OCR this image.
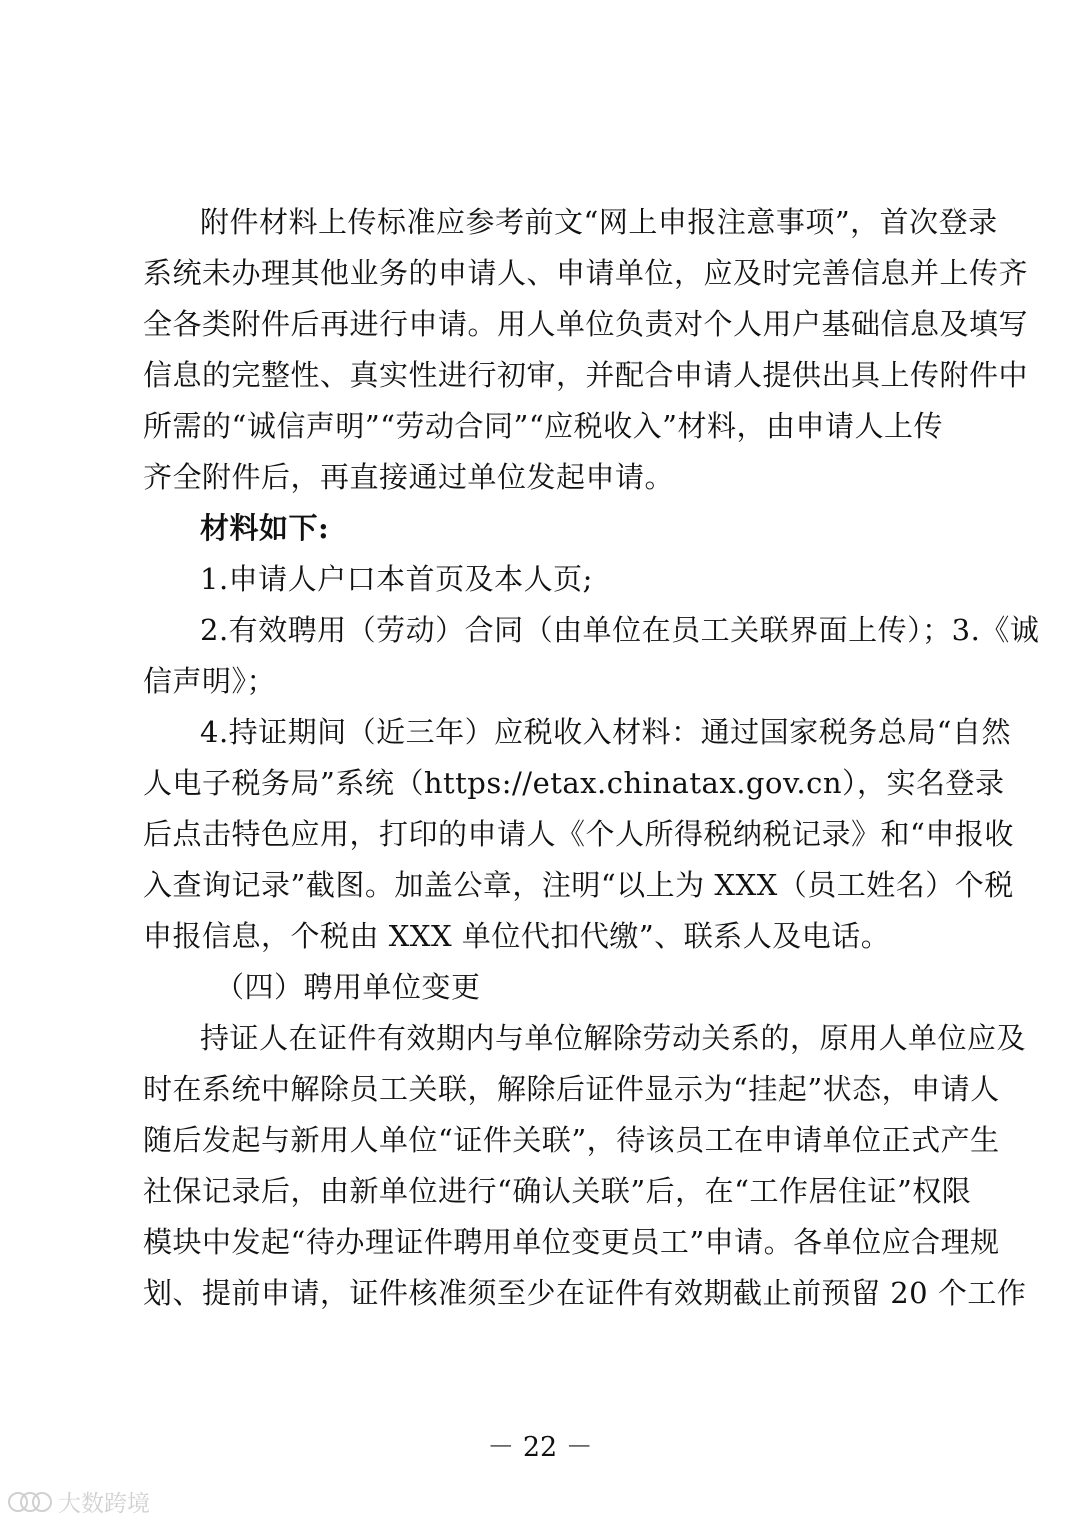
附件材料上传标准应参考前文“网上申报注意事项”，首次登录
系统未办理其他业务的申请人、申请单位，应及时完善信息并上传齐
全各类附件后再进行申请。用人单位负责对个人用户基础信息及填写
信息的完整性、真实性进行初审，并配合申请人提供出具上传附件中
所需的“诚信声明”“劳动合同”“应税收入”材料，由申请人上传
齐全附件后，再直接通过单位发起申请。
材料如下:
1.申请人户口本首页及本人页;
2.有效聘用（劳动）合同（由单位在员工关联界面上传）；3.《诚
信声明》；
4.持证期间（近三年）应税收入材料：通过国家税务总局“自然
人电子税务局”系统（https://etax.chinatax.gov.cn），实名登录
后点击特色应用，打印的申请人《个人所得税纳税记录》和“申报收
入查询记录”截图。加盖公章，注明“以上为 XXX（员工姓名）个税
申报信息，个税由 XXX 单位代扣代缴”、联系人及电话。
（四）聘用单位变更
持证人在证件有效期内与单位解除劳动关系的，原用人单位应及
时在系统中解除员工关联，解除后证件显示为“挂起”状态，申请人
随后发起与新用人单位“证件关联”，待该员工在申请单位正式产生
社保记录后，由新单位进行“确认关联”后，在“工作居住证”权限
模块中发起“待办理证件聘用单位变更员工”申请。各单位应合理规
划、提前申请，证件核准须至少在证件有效期截止前预留 20 个工作
－ 22 －
大数跨境
